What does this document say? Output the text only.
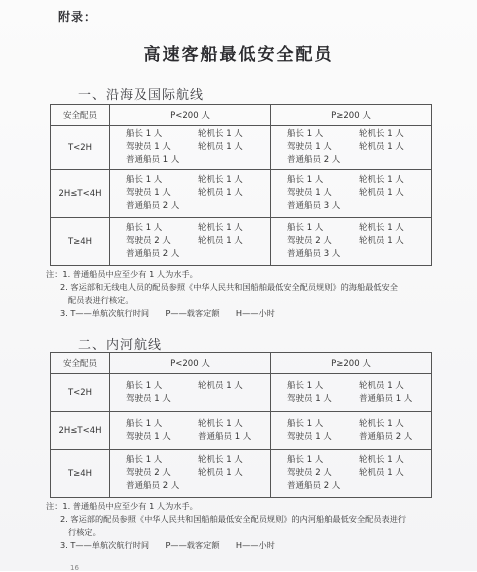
附录：
高速客船最低安全配员
一、沿海及国际航线
安全配员	P<200 人	P≥200 人
T<2H	船长 1 人 轮机长 1 人
驾驶员 1 人 轮机员 1 人
普通船员 1 人	船长 1 人 轮机长 1 人
驾驶员 1 人 轮机员 1 人
普通船员 2 人

2H≤T<4H	船长 1 人 轮机长 1 人
驾驶员 1 人 轮机员 1 人
普通船员 2 人	船长 1 人 轮机长 1 人
驾驶员 1 人 轮机员 1 人
普通船员 3 人

T≥4H	船长 1 人 轮机长 1 人
驾驶员 2 人 轮机员 1 人
普通船员 2 人	船长 1 人 轮机长 1 人
驾驶员 2 人 轮机员 1 人
普通船员 3 人
注：1. 普通船员中应至少有 1 人为水手。
2. 客运部和无线电人员的配员参照《中华人民共和国船舶最低安全配员规则》的海船最低安全
配员表进行核定。
3. T——单航次航行时间　　P——载客定额　　H——小时
二、内河航线
安全配员	P<200 人	P≥200 人
T<2H	船长 1 人 轮机员 1 人
驾驶员 1 人	船长 1 人 轮机员 1 人
驾驶员 1 人 普通船员 1 人

2H≤T<4H	船长 1 人 轮机长 1 人
驾驶员 1 人 普通船员 1 人	船长 1 人 轮机长 1 人
驾驶员 1 人 普通船员 2 人

T≥4H	船长 1 人 轮机长 1 人
驾驶员 2 人 轮机员 1 人
普通船员 2 人	船长 1 人 轮机长 1 人
驾驶员 2 人 轮机员 1 人
普通船员 2 人
注：1. 普通船员中应至少有 1 人为水手。
2. 客运部的配员参照《中华人民共和国船舶最低安全配员规则》的内河船舶最低安全配员表进行
行核定。
3. T——单航次航行时间　　P——载客定额　　H——小时
16
